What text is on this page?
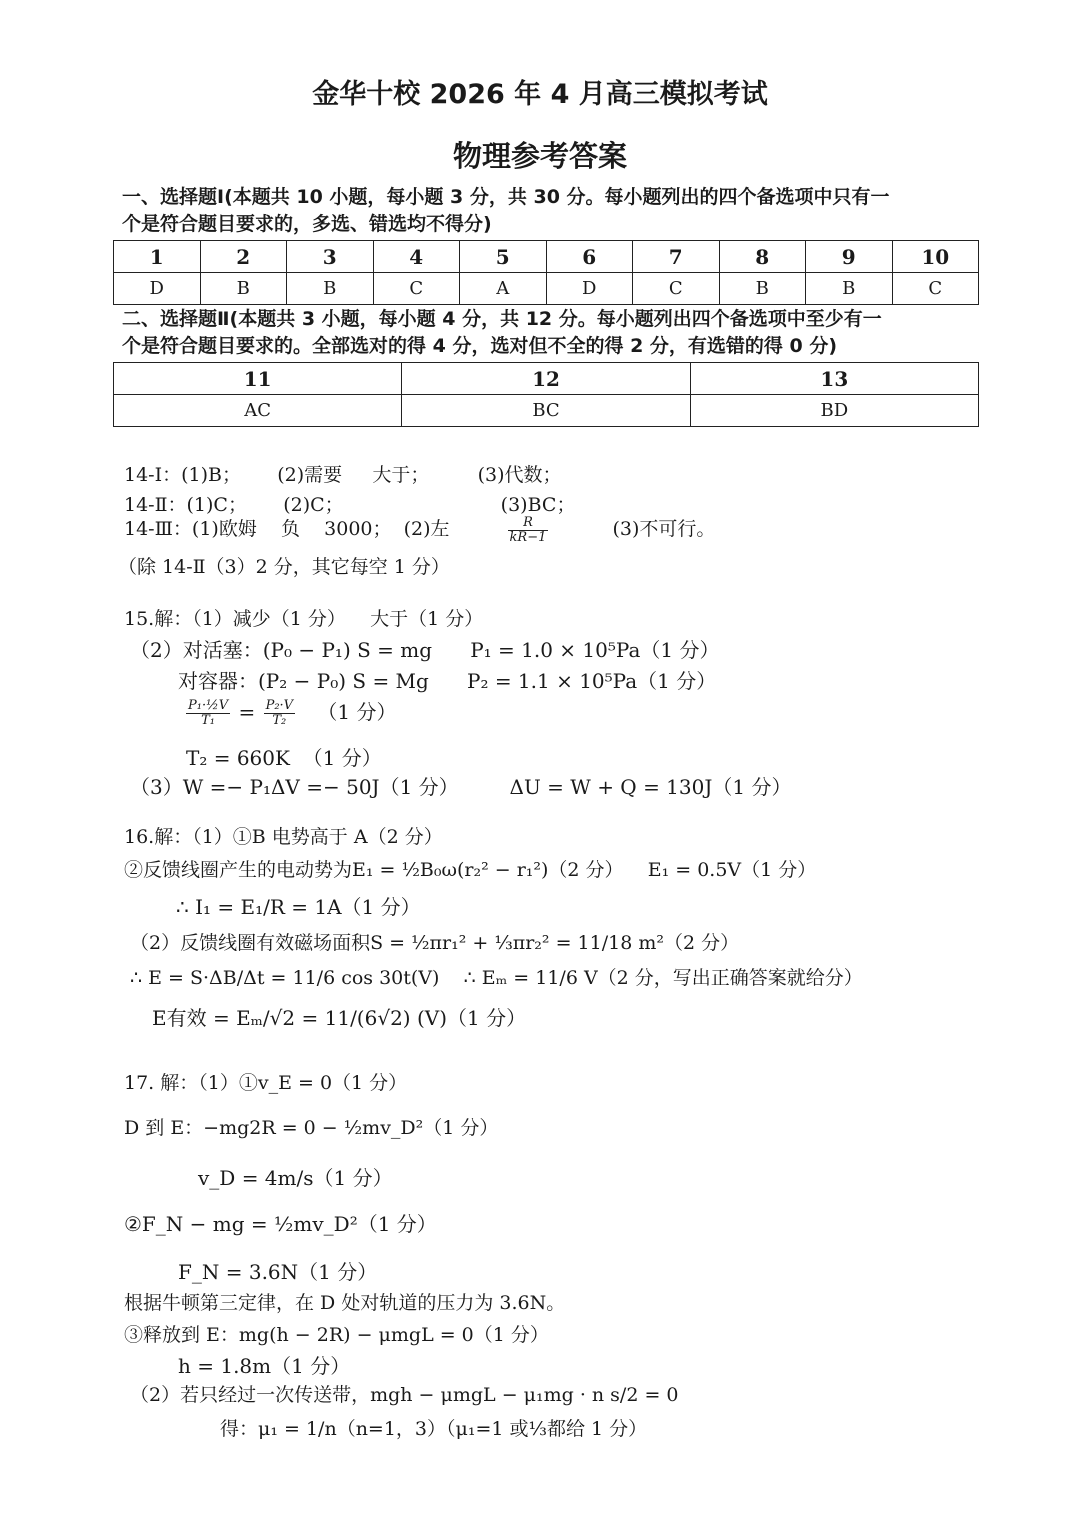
金华十校 2026 年 4 月高三模拟考试
物理参考答案
一、选择题Ⅰ(本题共 10 小题，每小题 3 分，共 30 分。每小题列出的四个备选项中只有一
个是符合题目要求的，多选、错选均不得分)
1	2	3	4	5	6	7	8	9	10
D	B	B	C	A	D	C	B	B	C
二、选择题Ⅱ(本题共 3 小题，每小题 4 分，共 12 分。每小题列出四个备选项中至少有一
个是符合题目要求的。全部选对的得 4 分，选对但不全的得 2 分，有选错的得 0 分)
11	12	13
AC	BC	BD
14-Ⅰ：(1)B；      (2)需要     大于；        (3)代数；
14-Ⅱ：(1)C；      (2)C；                          (3)BC；
14-Ⅲ：(1)欧姆    负    3000；  (2)左	$\frac{R}{kR-1}$	(3)不可行。
（除 14-Ⅱ（3）2 分，其它每空 1 分）
15.解：（1）减少（1 分）    大于（1 分）
（2）对活塞：(P₀ − P₁) S = mg      P₁ = 1.0 × 10⁵Pa（1 分）
对容器：(P₂ − P₀) S = Mg      P₂ = 1.1 × 10⁵Pa（1 分）
$\frac{\text{P₁·½V}}{\text{T₁}} = \frac{\text{P₂·V}}{\text{T₂}} (1$ 分）
T₂ = 660K  （1 分）
（3）W =− P₁ΔV =− 50J（1 分）        ΔU = W + Q = 130J（1 分）
16.解：（1）①B 电势高于 A（2 分）
②反馈线圈产生的电动势为E₁ = ½B₀ω(r₂² − r₁²)（2 分）    E₁ = 0.5V（1 分）
∴ I₁ = E₁/R = 1A（1 分）
（2）反馈线圈有效磁场面积S = ½πr₁² + ⅓πr₂² = 11/18 m²（2 分）
∴ E = S·ΔB/Δt = 11/6 cos 30t(V)    ∴ Eₘ = 11/6 V（2 分，写出正确答案就给分）
E有效 = Eₘ/√2 = 11/(6√2) (V)（1 分）
17. 解：（1）①v_E = 0（1 分）
D 到 E：−mg2R = 0 − ½mv_D²（1 分）
v_D = 4m/s（1 分）
②F_N − mg = ½mv_D²（1 分）
F_N = 3.6N（1 分）
根据牛顿第三定律，在 D 处对轨道的压力为 3.6N。
③释放到 E：mg(h − 2R) − μmgL = 0（1 分）
h = 1.8m（1 分）
（2）若只经过一次传送带，mgh − μmgL − μ₁mg · n s/2 = 0
得：μ₁ = 1/n（n=1，3）（μ₁=1 或⅓都给 1 分）
